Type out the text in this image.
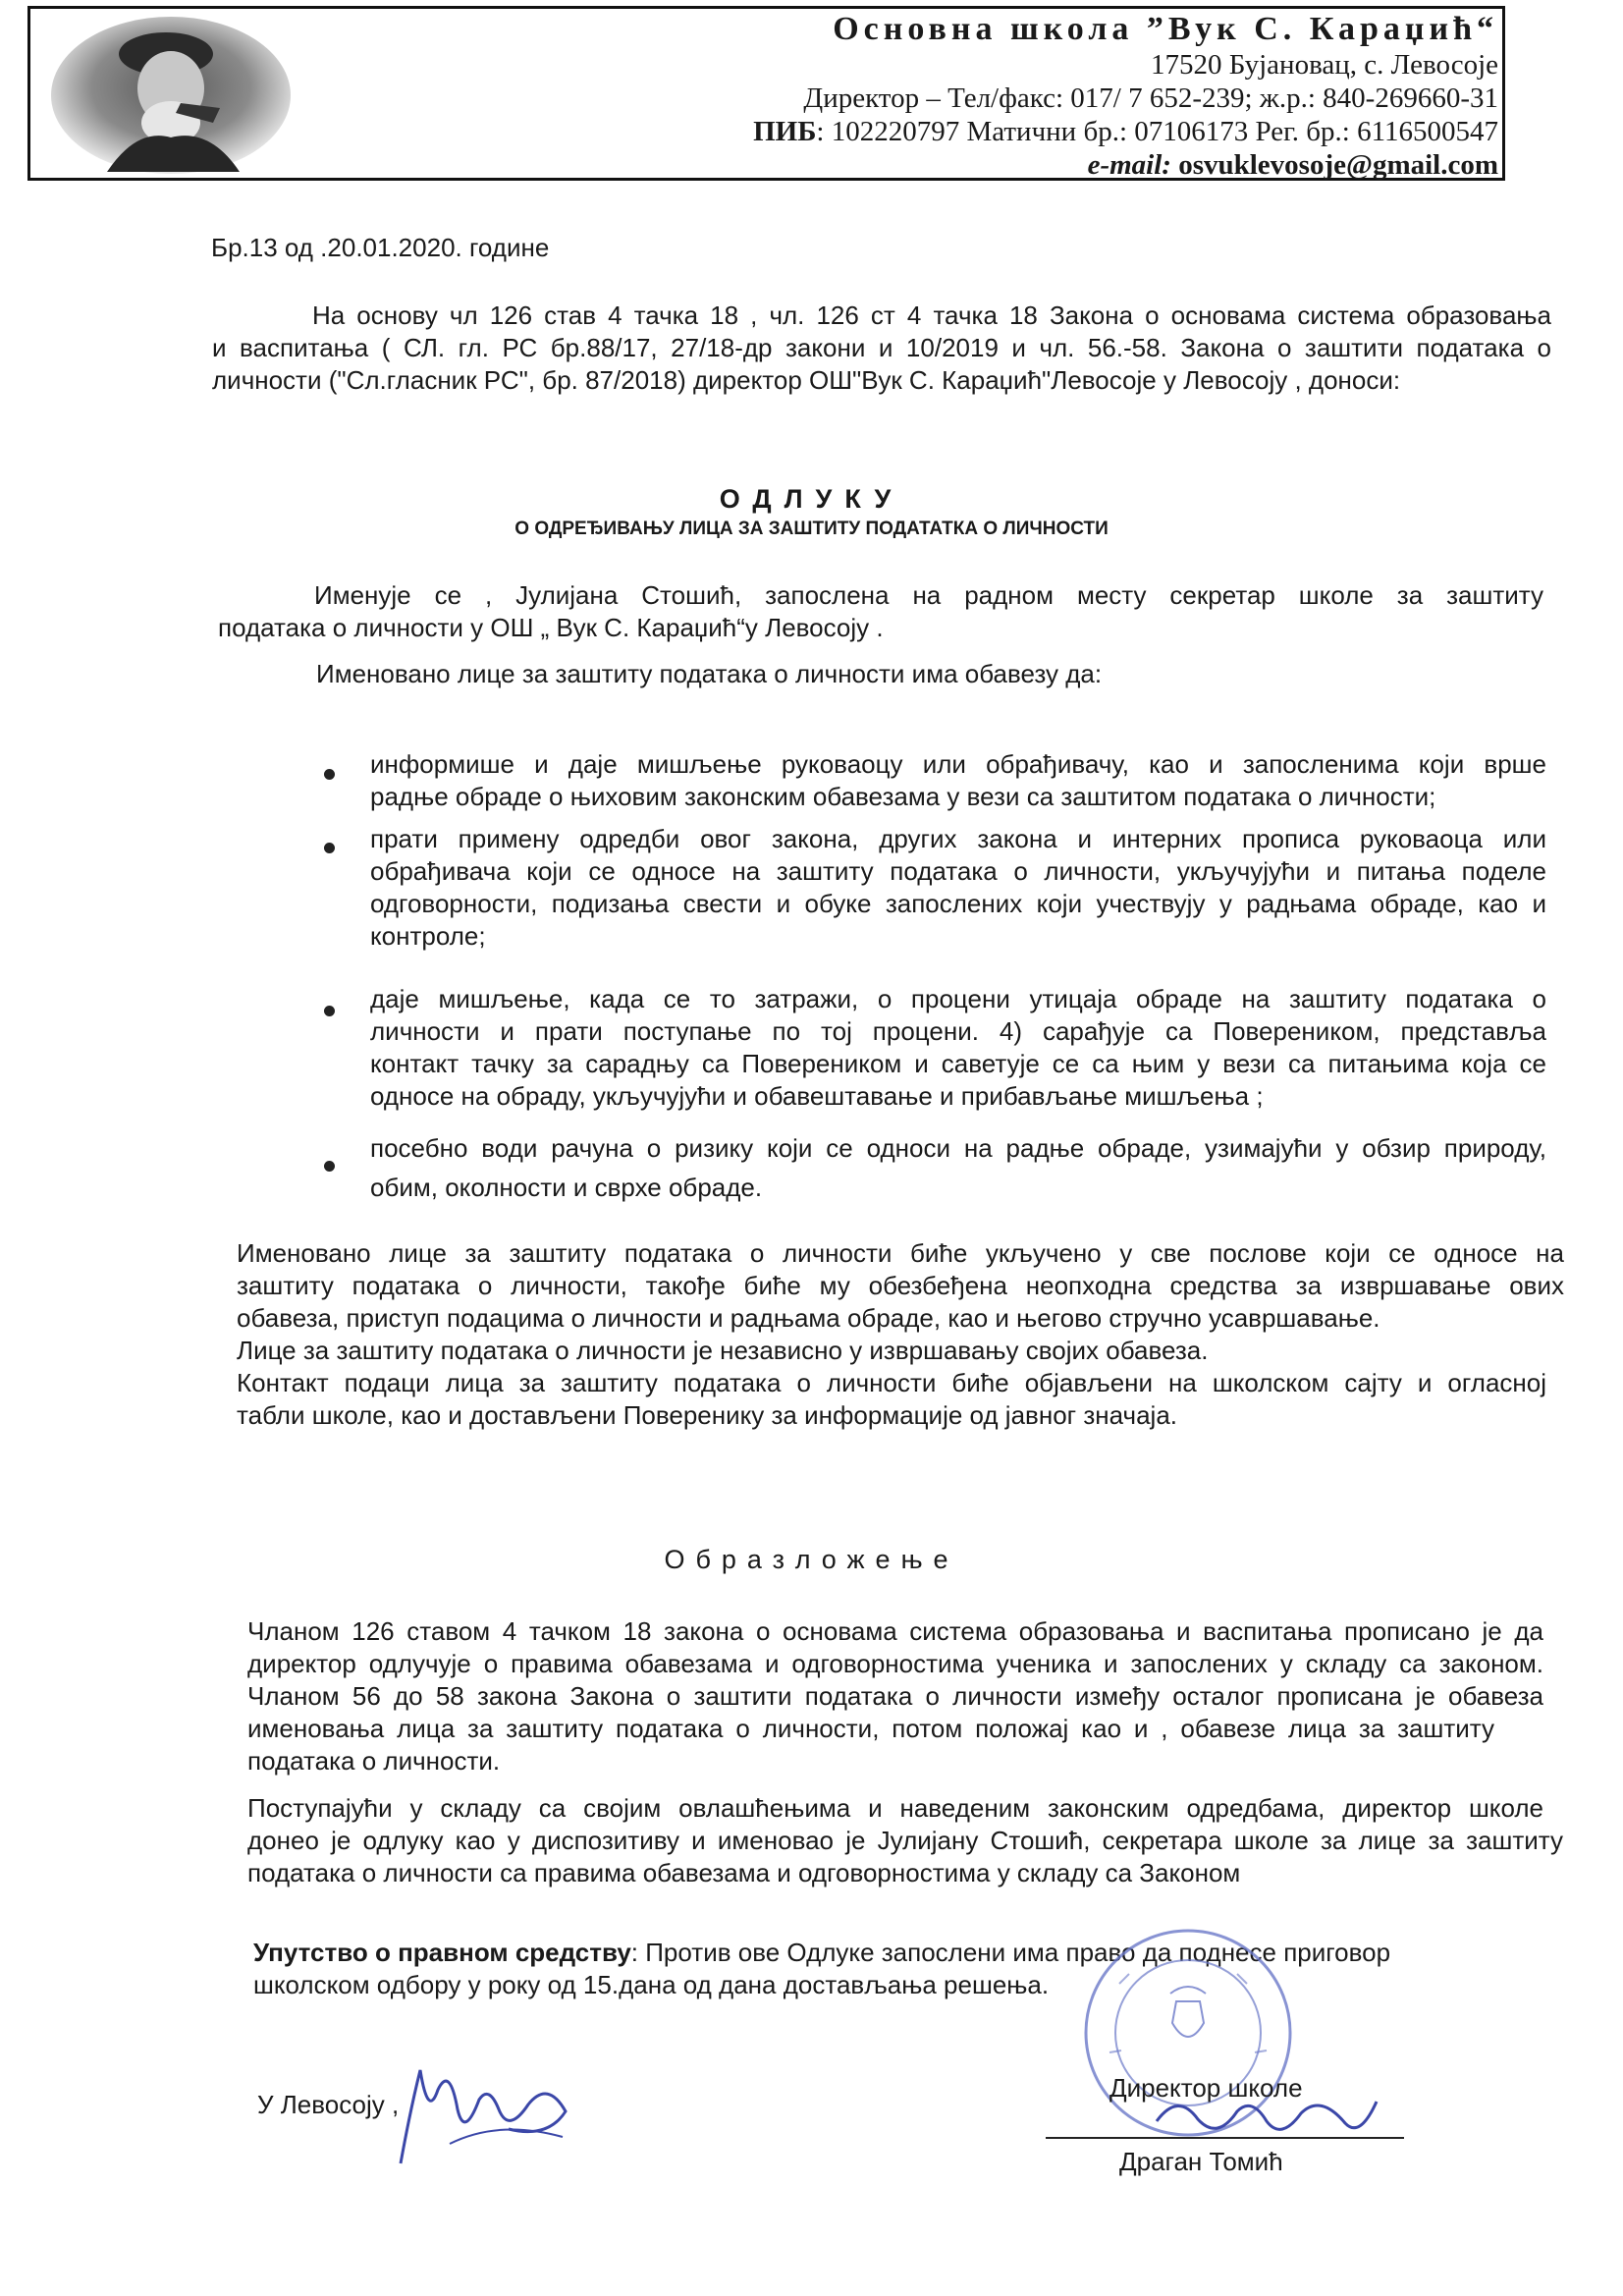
Основна школа ”Вук С. Караџић“
17520 Бујановац, с. Левосоје
Директор – Тел/факс: 017/ 7 652-239; ж.р.: 840-269660-31
ПИБ: 102220797 Матични бр.: 07106173 Рег. бр.: 6116500547
e-mail: osvuklevosoje@gmail.com
Бр.13 од .20.01.2020. године
На основу чл 126 став 4 тачка 18 , чл. 126 ст 4 тачка 18 Закона о основама система образовања
и васпитања ( СЛ. гл. РС бр.88/17, 27/18-др закони и 10/2019 и чл. 56.-58. Закона о заштити података о
личности ("Сл.гласник РС", бр. 87/2018) директор ОШ"Вук С. Караџић"Левосоје у Левосоју , доноси:
ОДЛУКУ
О ОДРЕЂИВАЊУ ЛИЦА ЗА ЗАШТИТУ ПОДАТАТКА О ЛИЧНОСТИ
Именује се , Јулијана Стошић, запослена на радном месту секретар школе за заштиту
података о личности у ОШ „ Вук С. Караџић“у Левосоју .
Именовано лице за заштиту података о личности има обавезу да:
информише и даје мишљење руковаоцу или обрађивачу, као и запосленима који врше
радње обраде о њиховим законским обавезама у вези са заштитом података о личности;
прати примену одредби овог закона, других закона и интерних прописа руковаоца или
обрађивача који се односе на заштиту података о личности, укључујући и питања поделе
одговорности, подизања свести и обуке запослених који учествују у радњама обраде, као и
контроле;
даје мишљење, када се то затражи, о процени утицаја обраде на заштиту података о
личности и прати поступање по тој процени. 4) сарађује са Повереником, представља
контакт тачку за сарадњу са Повереником и саветује се са њим у вези са питањима која се
односе на обраду, укључујући и обавештавање и прибављање мишљења ;
посебно води рачуна о ризику који се односи на радње обраде, узимајући у обзир природу,
обим, околности и сврхе обраде.
Именовано лице за заштиту података о личности биће укључено у све послове који се односе на
заштиту података о личности, такође биће му обезбеђена неопходна средства за извршавање ових
обавеза, приступ подацима о личности и радњама обраде, као и његово стручно усавршавање.
Лице за заштиту података о личности је независно у извршавању својих обавеза.
Контакт подаци лица за заштиту података о личности биће објављени на школском сајту и огласној
табли школе, као и достављени Поверенику за информације од јавног значаја.
Образложење
Чланом 126 ставом 4 тачком 18 закона о основама система образовања и васпитања прописано је да
директор одлучује о правима обавезама и одговорностима ученика и запослених у складу са законом.
Чланом 56 до 58 закона Закона о заштити података о личности између осталог прописана је обавеза
именовања лица за заштиту података о личности, потом положај као и , обавезе лица за заштиту
података о личности.
Поступајући у складу са својим овлашћењима и наведеним законским одредбама, директор школе
донео је одлуку као у диспозитиву и именовао је Јулијану Стошић, секретара школе за лице за заштиту
података о личности са правима обавезама и одговорностима у складу са Законом
Упутство о правном средству: Против ове Одлуке запослени има право да поднесе приговор
школском одбору у року од 15.дана од дана достављања решења.
У Левосоју ,
Директор школе
Драган Томић
